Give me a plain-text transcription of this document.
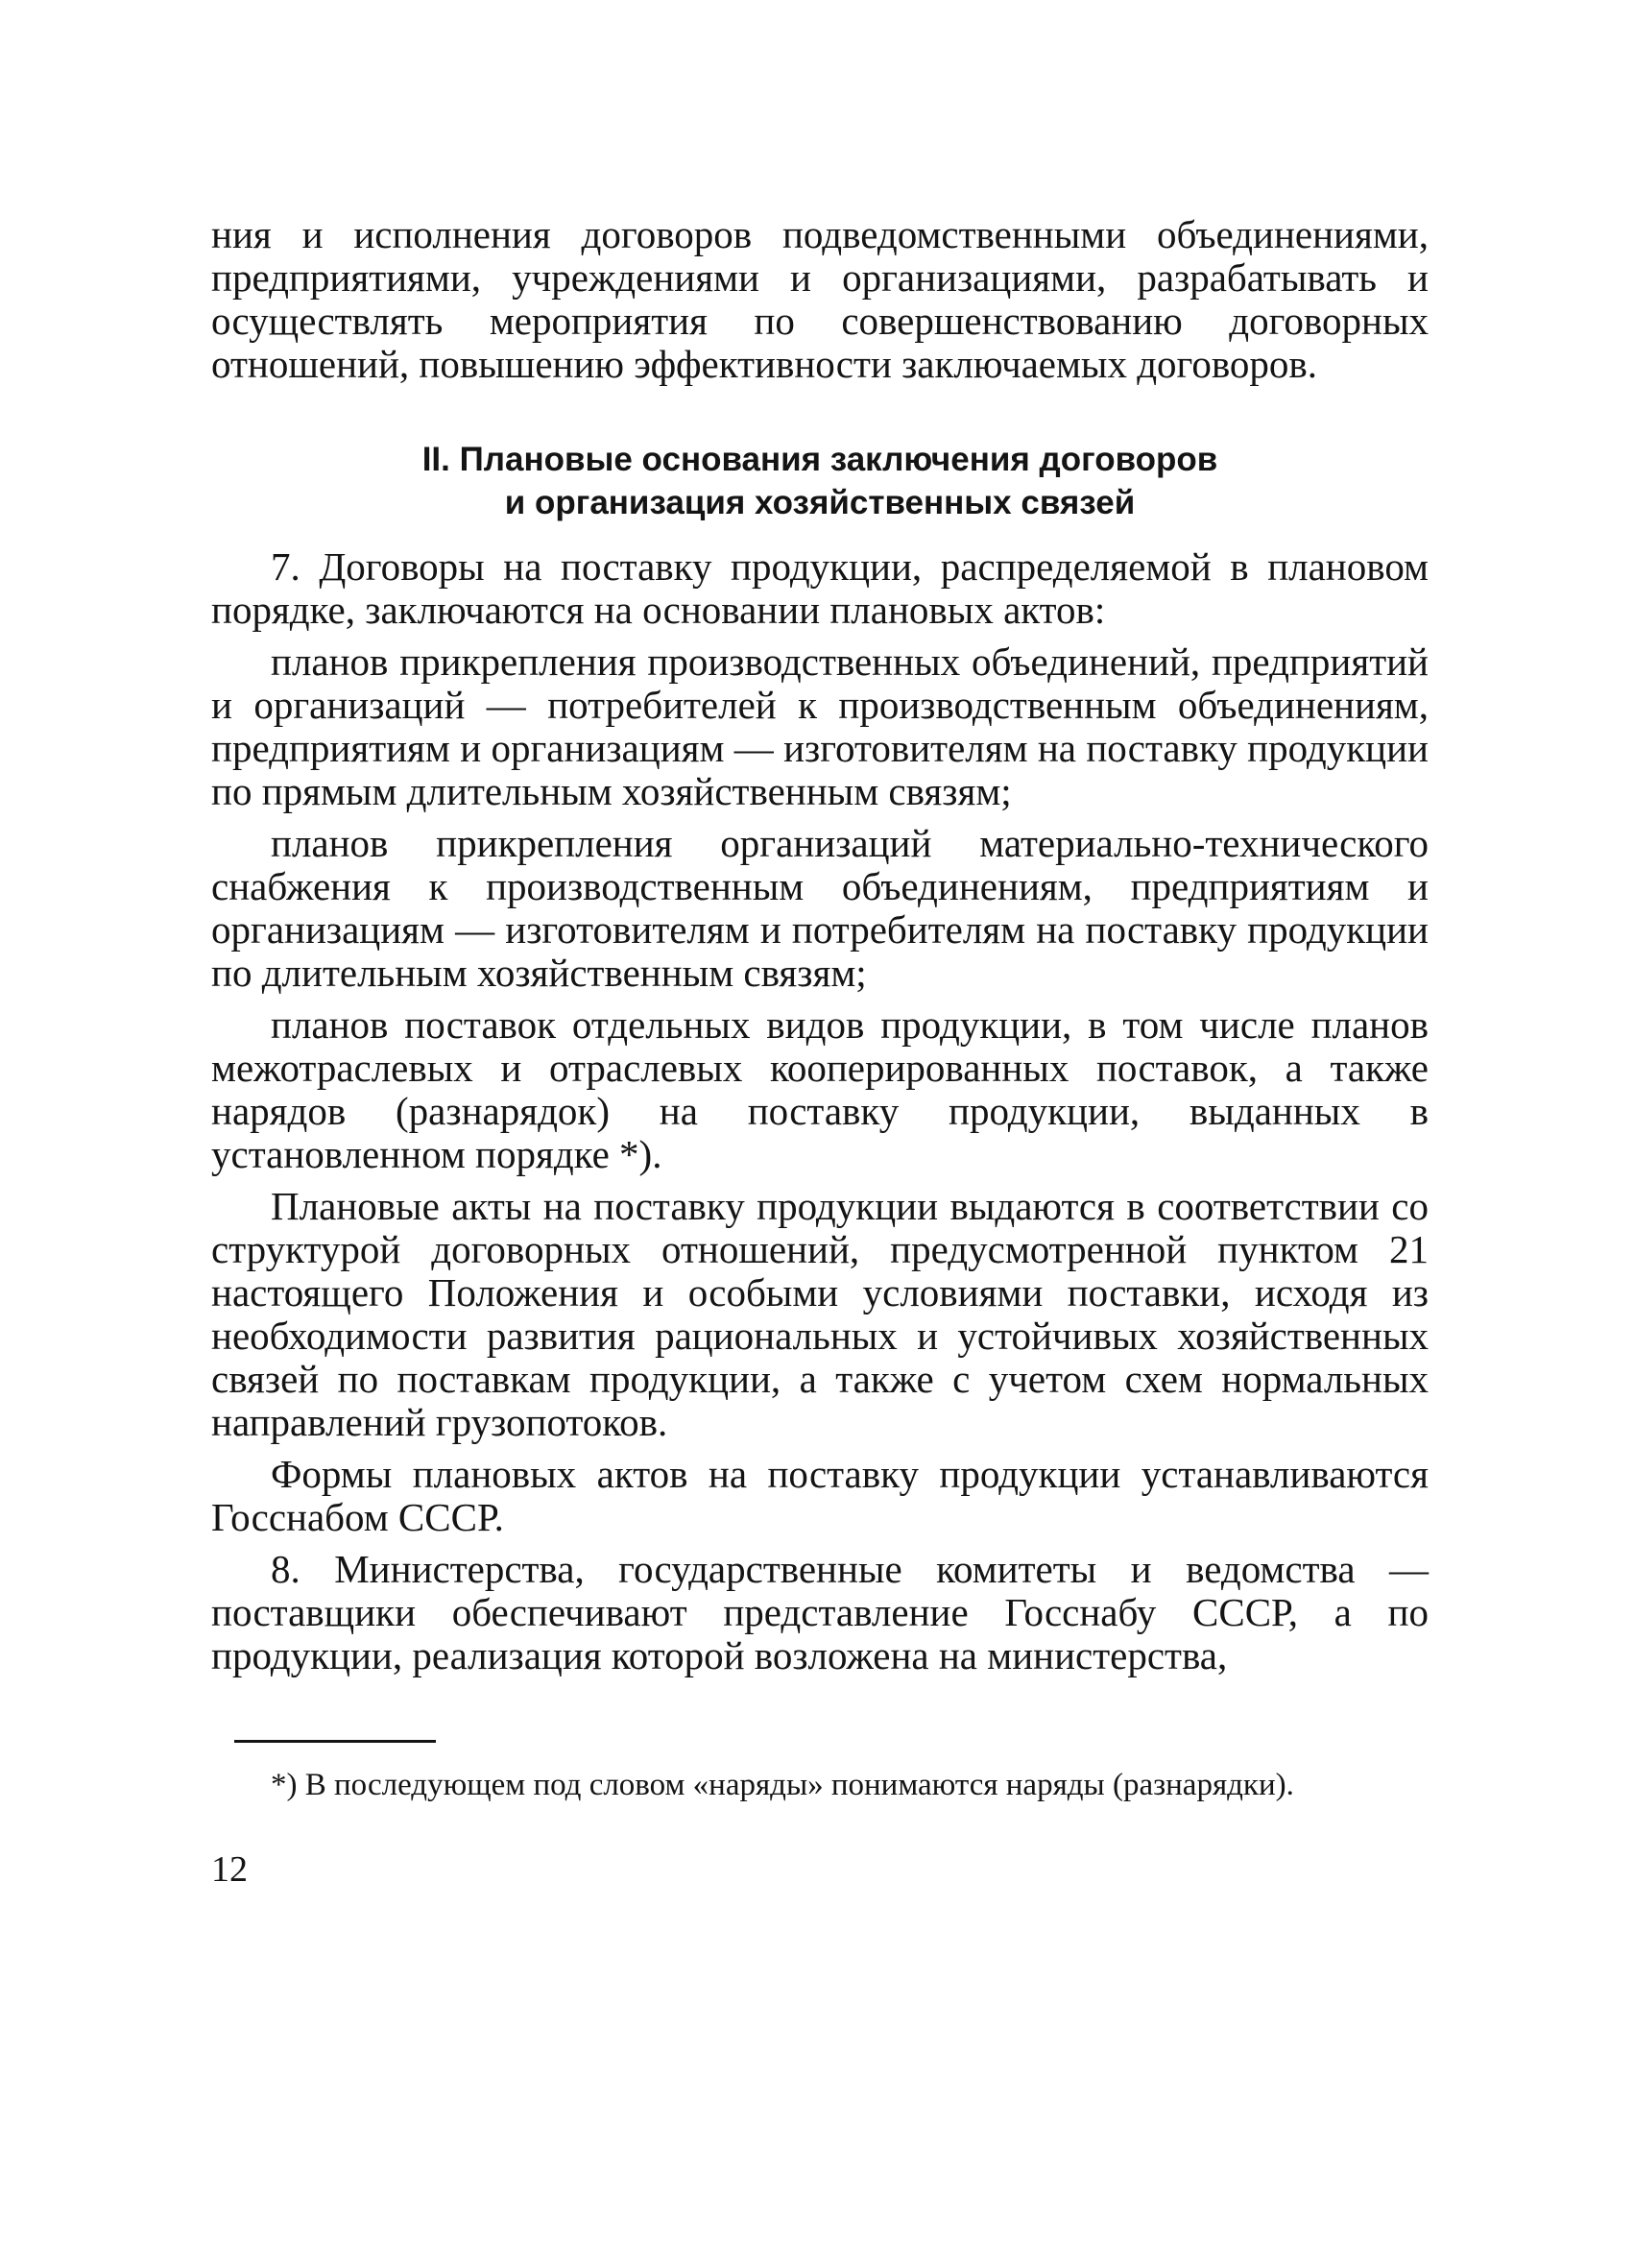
ния и исполнения договоров подведомственными объединениями, предприятиями, учреждениями и организациями, разрабатывать и осуществлять мероприятия по совершенствованию договорных отношений, повышению эффективности заключаемых договоров.

II. Плановые основания заключения договоров
и организация хозяйственных связей

7. Договоры на поставку продукции, распределяемой в плановом порядке, заключаются на основании плановых актов:

планов прикрепления производственных объединений, предприятий и организаций — потребителей к производственным объединениям, предприятиям и организациям — изготовителям на поставку продукции по прямым длительным хозяйственным связям;

планов прикрепления организаций материально-технического снабжения к производственным объединениям, предприятиям и организациям — изготовителям и потребителям на поставку продукции по длительным хозяйственным связям;

планов поставок отдельных видов продукции, в том числе планов межотраслевых и отраслевых кооперированных поставок, а также нарядов (разнарядок) на поставку продукции, выданных в установленном порядке *).

Плановые акты на поставку продукции выдаются в соответствии со структурой договорных отношений, предусмотренной пунктом 21 настоящего Положения и особыми условиями поставки, исходя из необходимости развития рациональных и устойчивых хозяйственных связей по поставкам продукции, а также с учетом схем нормальных направлений грузопотоков.

Формы плановых актов на поставку продукции устанавливаются Госснабом СССР.

8. Министерства, государственные комитеты и ведомства — поставщики обеспечивают представление Госснабу СССР, а по продукции, реализация которой возложена на министерства,

*) В последующем под словом «наряды» понимаются наряды (разнарядки).

12
